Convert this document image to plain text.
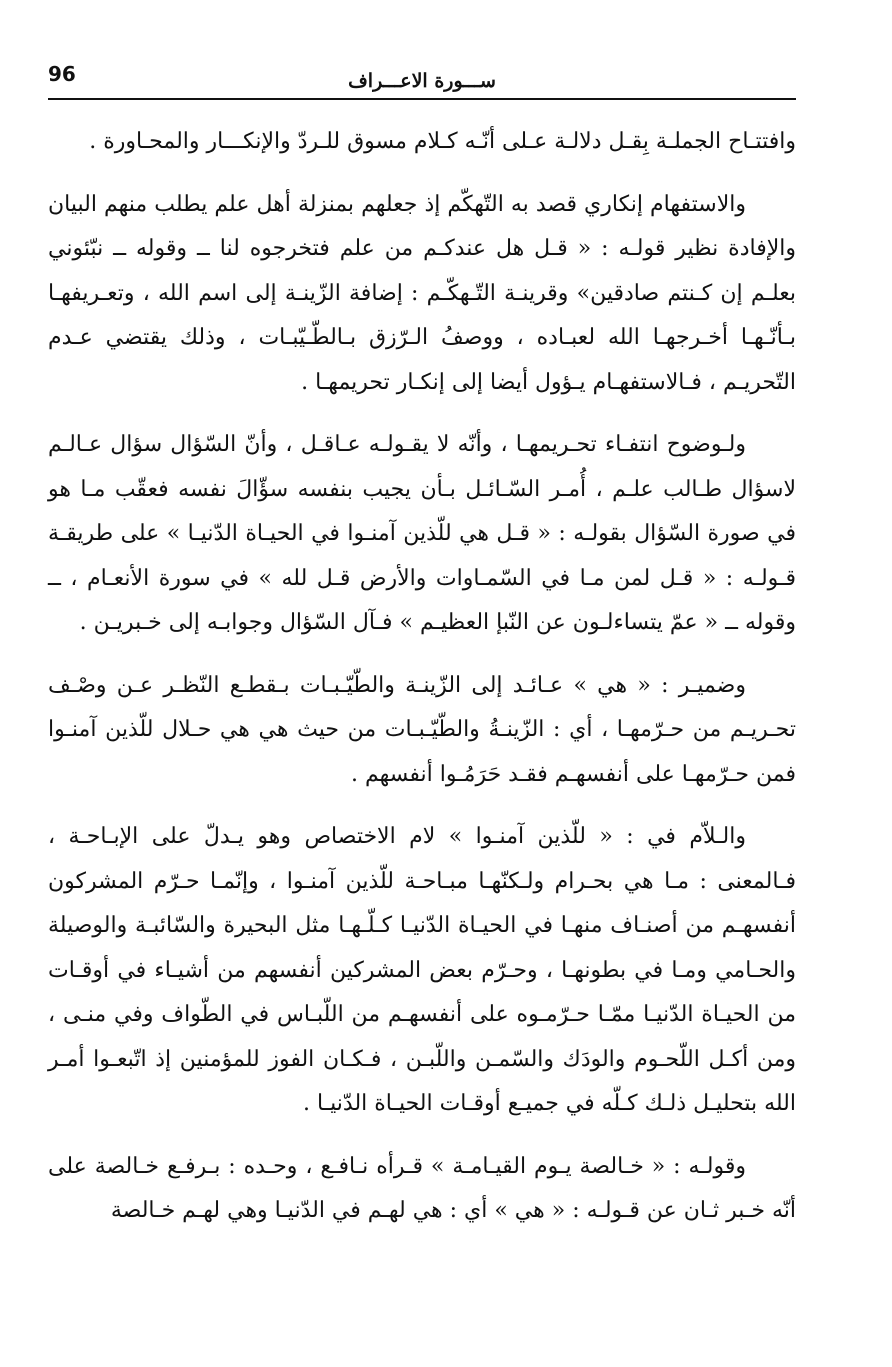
96	ســـورة الاعـــراف

وافتتـاح الجملـة بِقـل دلالـة عـلى أنّـه كـلام مسوق للـردّ والإنكـــار والمحـاورة .

والاستفهام إنكاري قصد به التّهكّم إذ جعلهم بمنزلة أهل علم يطلب منهم البيان والإفادة نظير قولـه : « قـل هل عندكـم من علم فتخرجوه لنا ــ وقوله ــ نبّئوني بعلـم إن كـنتم صادقين» وقرينـة التّـهكّـم : إضافة الزّينـة إلى اسم الله ، وتعـريفهـا بـأنّـهـا أخـرجهـا الله لعبـاده ، ووصفُ الـرّزق بـالطّـيّبـات ، وذلك يقتضي عـدم التّحريـم ، فـالاستفهـام يـؤول أيضا إلى إنكـار تحريمهـا .

ولـوضوح انتفـاء تحـريمهـا ، وأنّه لا يقـولـه عـاقـل ، وأنّ السّؤال سؤال عـالـم لاسؤال طـالب علـم ، أُمـر السّـائـل بـأن يجيب بنفسه سؤّالَ نفسه فعقّب مـا هو في صورة السّؤال بقولـه : « قـل هي للّذين آمنـوا في الحيـاة الدّنيـا » على طريقـة قـولـه : « قـل لمن مـا في السّمـاوات والأرض قـل لله » في سورة الأنعـام ، ــ وقوله ــ « عمّ يتساءلـون عن النّبإ العظيـم » فـآل السّؤال وجوابـه إلى خـبريـن .

وضميـر : « هي » عـائـد إلى الزّينـة والطّيّـبـات بـقطـع النّظـر عـن وصْـف تحـريـم من حـرّمهـا ، أي : الزّينـةُ والطّيّـبـات من حيث هي هي حـلال للّذين آمنـوا فمن حـرّمهـا على أنفسهـم فقـد حَرَمُـوا أنفسهم .

والـلاّم في : « للّذين آمنـوا » لام الاختصاص وهو يـدلّ على الإبـاحـة ، فـالمعنى : مـا هي بحـرام ولـكنّهـا مبـاحـة للّذين آمنـوا ، وإنّمـا حـرّم المشركون أنفسهـم من أصنـاف منهـا في الحيـاة الدّنيـا كـلّـهـا مثل البحيرة والسّائبـة والوصيلة والحـامي ومـا في بطونهـا ، وحـرّم بعض المشركين أنفسهم من أشيـاء في أوقـات من الحيـاة الدّنيـا ممّـا حـرّمـوه على أنفسهـم من اللّبـاس في الطّواف وفي منـى ، ومن أكـل اللّحـوم والودَك والسّمـن واللّبـن ، فـكـان الفوز للمؤمنين إذ اتّبعـوا أمـر الله بتحليـل ذلـك كـلّه في جميـع أوقـات الحيـاة الدّنيـا .

وقولـه : « خـالصة يـوم القيـامـة » قـرأه نـافـع ، وحـده : بـرفـع خـالصة على أنّه خـبر ثـان عن قـولـه : « هي » أي : هي لهـم في الدّنيـا وهي لهـم خـالصة
